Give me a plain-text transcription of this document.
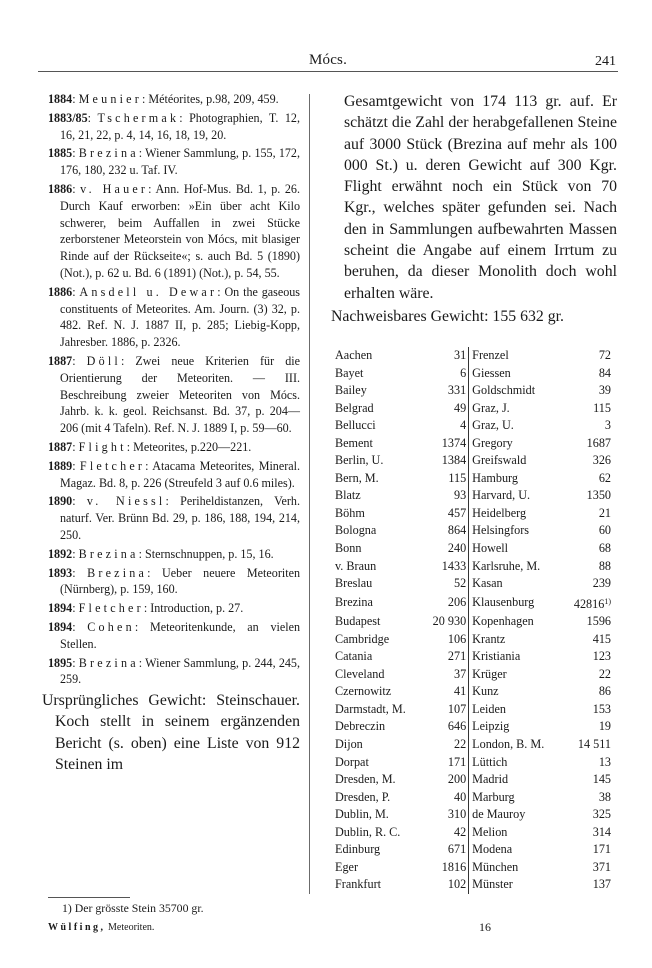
Mócs.	241

1884: Meunier: Météorites, p.98, 209, 459.

1883/85: Tschermak: Photographien, T. 12, 16, 21, 22, p. 4, 14, 16, 18, 19, 20.

1885: Brezina: Wiener Sammlung, p. 155, 172, 176, 180, 232 u. Taf. IV.

1886: v. Hauer: Ann. Hof-Mus. Bd. 1, p. 26. Durch Kauf erworben: »Ein über acht Kilo schwerer, beim Auffallen in zwei Stücke zerborstener Meteorstein von Mócs, mit blasiger Rinde auf der Rückseite«; s. auch Bd. 5 (1890) (Not.), p. 62 u. Bd. 6 (1891) (Not.), p. 54, 55.

1886: Ansdell u. Dewar: On the gaseous constituents of Meteorites. Am. Journ. (3) 32, p. 482. Ref. N. J. 1887 II, p. 285; Liebig-Kopp, Jahresber. 1886, p. 2326.

1887: Döll: Zwei neue Kriterien für die Orientierung der Meteoriten. — III. Beschreibung zweier Meteoriten von Mócs. Jahrb. k. k. geol. Reichsanst. Bd. 37, p. 204—206 (mit 4 Tafeln). Ref. N. J. 1889 I, p. 59—60.

1887: Flight: Meteorites, p.220—221.

1889: Fletcher: Atacama Meteorites, Mineral. Magaz. Bd. 8, p. 226 (Streufeld 3 auf 0.6 miles).

1890: v. Niessl: Periheldistanzen, Verh. naturf. Ver. Brünn Bd. 29, p. 186, 188, 194, 214, 250.

1892: Brezina: Sternschnuppen, p. 15, 16.

1893: Brezina: Ueber neuere Meteoriten (Nürnberg), p. 159, 160.

1894: Fletcher: Introduction, p. 27.

1894: Cohen: Meteoritenkunde, an vielen Stellen.

1895: Brezina: Wiener Sammlung, p. 244, 245, 259.

Ursprüngliches Gewicht: Steinschauer. Koch stellt in seinem ergänzenden Bericht (s. oben) eine Liste von 912 Steinen im

1) Der grösste Stein 35700 gr.
Wülfing, Meteoriten.	16

Gesamtgewicht von 174 113 gr. auf. Er schätzt die Zahl der herabgefallenen Steine auf 3000 Stück (Brezina auf mehr als 100 000 St.) u. deren Gewicht auf 300 Kgr. Flight erwähnt noch ein Stück von 70 Kgr., welches später gefunden sei. Nach den in Sammlungen aufbewahrten Massen scheint die Angabe auf einem Irrtum zu beruhen, da dieser Monolith doch wohl erhalten wäre.

Nachweisbares Gewicht: 155 632 gr.
Aachen	31	Frenzel	72
Bayet	6	Giessen	84
Bailey	331	Goldschmidt	39
Belgrad	49	Graz, J.	115
Bellucci	4	Graz, U.	3
Bement	1374	Gregory	1687
Berlin, U.	1384	Greifswald	326
Bern, M.	115	Hamburg	62
Blatz	93	Harvard, U.	1350
Böhm	457	Heidelberg	21
Bologna	864	Helsingfors	60
Bonn	240	Howell	68
v. Braun	1433	Karlsruhe, M.	88
Breslau	52	Kasan	239
Brezina	206	Klausenburg	42816$^{1)}$
Budapest	20 930	Kopenhagen	1596
Cambridge	106	Krantz	415
Catania	271	Kristiania	123
Cleveland	37	Krüger	22
Czernowitz	41	Kunz	86
Darmstadt, M.	107	Leiden	153
Debreczin	646	Leipzig	19
Dijon	22	London, B. M.	14 511
Dorpat	171	Lüttich	13
Dresden, M.	200	Madrid	145
Dresden, P.	40	Marburg	38
Dublin, M.	310	de Mauroy	325
Dublin, R. C.	42	Melion	314
Edinburg	671	Modena	171
Eger	1816	München	371
Frankfurt	102	Münster	137
